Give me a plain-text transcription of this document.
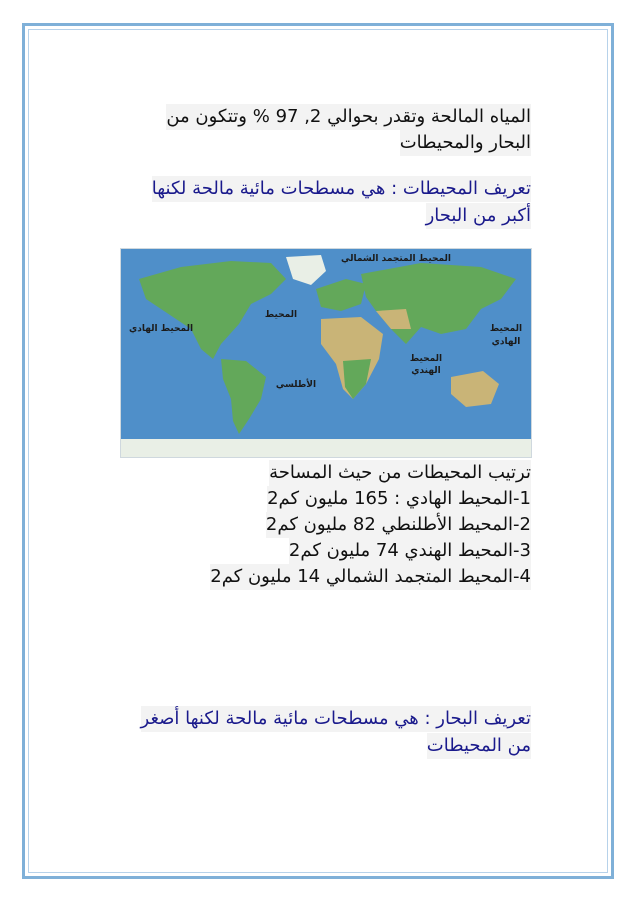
المياه المالحة وتقدر بحوالي 2, 97 % وتتكون من
البحار والمحيطات
تعريف المحيطات : هي مسطحات مائية مالحة لكنها
أكبر من البحار
المحيط المتجمد الشمالي
المحيط الهادي
المحيط
الأطلسي
المحيط
الهندي
المحيط
الهادي
ترتيب المحيطات من حيث المساحة
1-المحيط الهادي : 165 مليون كم2
2-المحيط الأطلنطي 82 مليون كم2
3-المحيط الهندي 74 مليون كم2
4-المحيط المتجمد الشمالي 14 مليون كم2
تعريف البحار : هي مسطحات مائية مالحة لكنها أصغر
من المحيطات
